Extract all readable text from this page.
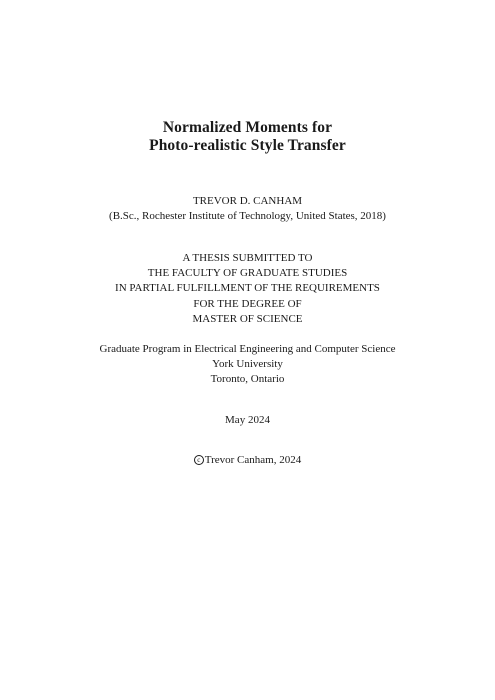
Normalized Moments for
Photo-realistic Style Transfer
TREVOR D. CANHAM
(B.Sc., Rochester Institute of Technology, United States, 2018)
A THESIS SUBMITTED TO
THE FACULTY OF GRADUATE STUDIES
IN PARTIAL FULFILLMENT OF THE REQUIREMENTS
FOR THE DEGREE OF
MASTER OF SCIENCE
Graduate Program in Electrical Engineering and Computer Science
York University
Toronto, Ontario
May 2024
c Trevor Canham, 2024
